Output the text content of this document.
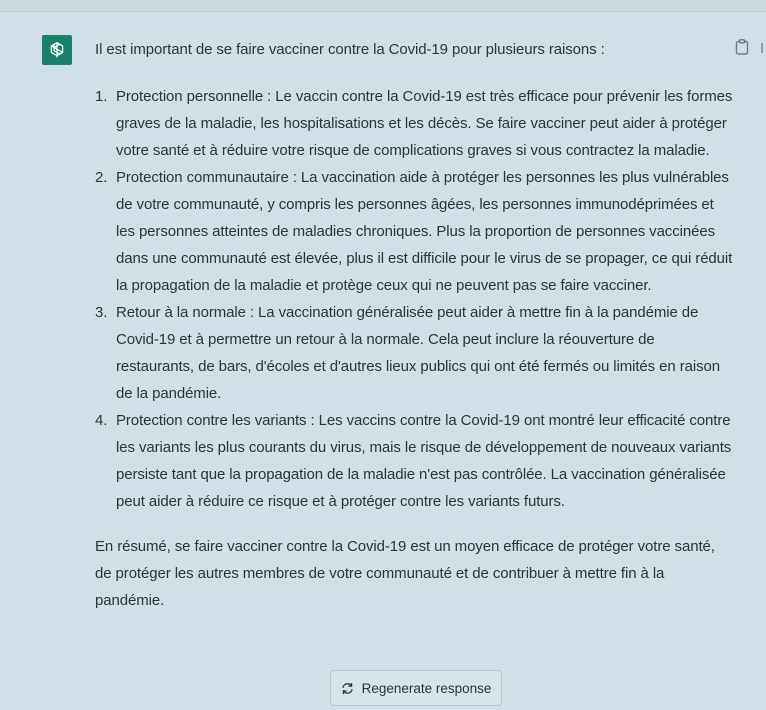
Il est important de se faire vacciner contre la Covid-19 pour plusieurs raisons :

1. Protection personnelle : Le vaccin contre la Covid-19 est très efficace pour prévenir les formes graves de la maladie, les hospitalisations et les décès. Se faire vacciner peut aider à protéger votre santé et à réduire votre risque de complications graves si vous contractez la maladie.
2. Protection communautaire : La vaccination aide à protéger les personnes les plus vulnérables de votre communauté, y compris les personnes âgées, les personnes immunodéprimées et les personnes atteintes de maladies chroniques. Plus la proportion de personnes vaccinées dans une communauté est élevée, plus il est difficile pour le virus de se propager, ce qui réduit la propagation de la maladie et protège ceux qui ne peuvent pas se faire vacciner.
3. Retour à la normale : La vaccination généralisée peut aider à mettre fin à la pandémie de Covid-19 et à permettre un retour à la normale. Cela peut inclure la réouverture de restaurants, de bars, d'écoles et d'autres lieux publics qui ont été fermés ou limités en raison de la pandémie.
4. Protection contre les variants : Les vaccins contre la Covid-19 ont montré leur efficacité contre les variants les plus courants du virus, mais le risque de développement de nouveaux variants persiste tant que la propagation de la maladie n'est pas contrôlée. La vaccination généralisée peut aider à réduire ce risque et à protéger contre les variants futurs.

En résumé, se faire vacciner contre la Covid-19 est un moyen efficace de protéger votre santé, de protéger les autres membres de votre communauté et de contribuer à mettre fin à la pandémie.

Regenerate response
